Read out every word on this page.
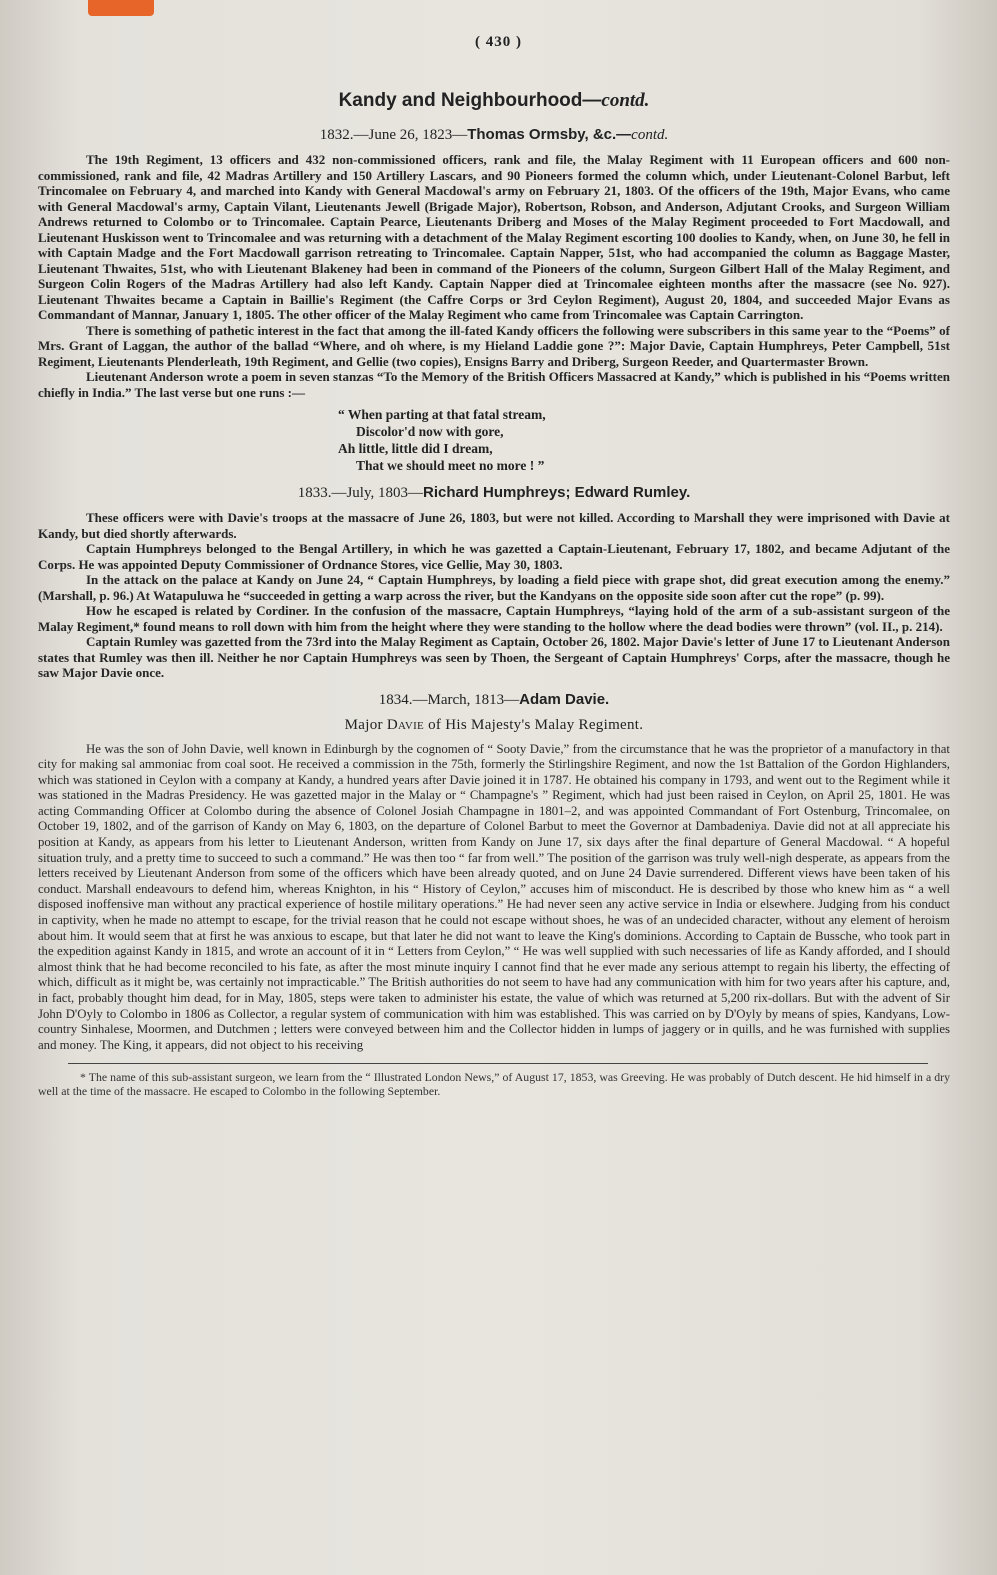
( 430 )
Kandy and Neighbourhood—contd.
1832.—June 26, 1823—Thomas Ormsby, &c.—contd.

The 19th Regiment, 13 officers and 432 non-commissioned officers, rank and file, the Malay Regiment with 11 European officers and 600 non-commissioned, rank and file, 42 Madras Artillery and 150 Artillery Lascars, and 90 Pioneers formed the column which, under Lieutenant-Colonel Barbut, left Trincomalee on February 4, and marched into Kandy with General Macdowal's army on February 21, 1803. Of the officers of the 19th, Major Evans, who came with General Macdowal's army, Captain Vilant, Lieutenants Jewell (Brigade Major), Robertson, Robson, and Anderson, Adjutant Crooks, and Surgeon William Andrews returned to Colombo or to Trincomalee. Captain Pearce, Lieutenants Driberg and Moses of the Malay Regiment proceeded to Fort Macdowall, and Lieutenant Huskisson went to Trincomalee and was returning with a detachment of the Malay Regiment escorting 100 doolies to Kandy, when, on June 30, he fell in with Captain Madge and the Fort Macdowall garrison retreating to Trincomalee. Captain Napper, 51st, who had accompanied the column as Baggage Master, Lieutenant Thwaites, 51st, who with Lieutenant Blakeney had been in command of the Pioneers of the column, Surgeon Gilbert Hall of the Malay Regiment, and Surgeon Colin Rogers of the Madras Artillery had also left Kandy. Captain Napper died at Trincomalee eighteen months after the massacre (see No. 927). Lieutenant Thwaites became a Captain in Baillie's Regiment (the Caffre Corps or 3rd Ceylon Regiment), August 20, 1804, and succeeded Major Evans as Commandant of Mannar, January 1, 1805. The other officer of the Malay Regiment who came from Trincomalee was Captain Carrington.

There is something of pathetic interest in the fact that among the ill-fated Kandy officers the following were subscribers in this same year to the “Poems” of Mrs. Grant of Laggan, the author of the ballad “Where, and oh where, is my Hieland Laddie gone ?”: Major Davie, Captain Humphreys, Peter Campbell, 51st Regiment, Lieutenants Plenderleath, 19th Regiment, and Gellie (two copies), Ensigns Barry and Driberg, Surgeon Reeder, and Quartermaster Brown.

Lieutenant Anderson wrote a poem in seven stanzas “To the Memory of the British Officers Massacred at Kandy,” which is published in his “Poems written chiefly in India.” The last verse but one runs :—

“ When parting at that fatal stream,
Discolor'd now with gore,
Ah little, little did I dream,
That we should meet no more ! ”
1833.—July, 1803—Richard Humphreys; Edward Rumley.

These officers were with Davie's troops at the massacre of June 26, 1803, but were not killed. According to Marshall they were imprisoned with Davie at Kandy, but died shortly afterwards.

Captain Humphreys belonged to the Bengal Artillery, in which he was gazetted a Captain-Lieutenant, February 17, 1802, and became Adjutant of the Corps. He was appointed Deputy Commissioner of Ordnance Stores, vice Gellie, May 30, 1803.

In the attack on the palace at Kandy on June 24, “ Captain Humphreys, by loading a field piece with grape shot, did great execution among the enemy.” (Marshall, p. 96.) At Watapuluwa he “succeeded in getting a warp across the river, but the Kandyans on the opposite side soon after cut the rope” (p. 99).

How he escaped is related by Cordiner. In the confusion of the massacre, Captain Humphreys, “laying hold of the arm of a sub-assistant surgeon of the Malay Regiment,* found means to roll down with him from the height where they were standing to the hollow where the dead bodies were thrown” (vol. II., p. 214).

Captain Rumley was gazetted from the 73rd into the Malay Regiment as Captain, October 26, 1802. Major Davie's letter of June 17 to Lieutenant Anderson states that Rumley was then ill. Neither he nor Captain Humphreys was seen by Thoen, the Sergeant of Captain Humphreys' Corps, after the massacre, though he saw Major Davie once.

1834.—March, 1813—Adam Davie.
Major Davie of His Majesty's Malay Regiment.

He was the son of John Davie, well known in Edinburgh by the cognomen of “ Sooty Davie,” from the circumstance that he was the proprietor of a manufactory in that city for making sal ammoniac from coal soot. He received a commission in the 75th, formerly the Stirlingshire Regiment, and now the 1st Battalion of the Gordon Highlanders, which was stationed in Ceylon with a company at Kandy, a hundred years after Davie joined it in 1787. He obtained his company in 1793, and went out to the Regiment while it was stationed in the Madras Presidency. He was gazetted major in the Malay or “ Champagne's ” Regiment, which had just been raised in Ceylon, on April 25, 1801. He was acting Commanding Officer at Colombo during the absence of Colonel Josiah Champagne in 1801–2, and was appointed Commandant of Fort Ostenburg, Trincomalee, on October 19, 1802, and of the garrison of Kandy on May 6, 1803, on the departure of Colonel Barbut to meet the Governor at Dambadeniya. Davie did not at all appreciate his position at Kandy, as appears from his letter to Lieutenant Anderson, written from Kandy on June 17, six days after the final departure of General Macdowal. “ A hopeful situation truly, and a pretty time to succeed to such a command.” He was then too “ far from well.” The position of the garrison was truly well-nigh desperate, as appears from the letters received by Lieutenant Anderson from some of the officers which have been already quoted, and on June 24 Davie surrendered. Different views have been taken of his conduct. Marshall endeavours to defend him, whereas Knighton, in his “ History of Ceylon,” accuses him of misconduct. He is described by those who knew him as “ a well disposed inoffensive man without any practical experience of hostile military operations.” He had never seen any active service in India or elsewhere. Judging from his conduct in captivity, when he made no attempt to escape, for the trivial reason that he could not escape without shoes, he was of an undecided character, without any element of heroism about him. It would seem that at first he was anxious to escape, but that later he did not want to leave the King's dominions. According to Captain de Bussche, who took part in the expedition against Kandy in 1815, and wrote an account of it in “ Letters from Ceylon,” “ He was well supplied with such necessaries of life as Kandy afforded, and I should almost think that he had become reconciled to his fate, as after the most minute inquiry I cannot find that he ever made any serious attempt to regain his liberty, the effecting of which, difficult as it might be, was certainly not impracticable.” The British authorities do not seem to have had any communication with him for two years after his capture, and, in fact, probably thought him dead, for in May, 1805, steps were taken to administer his estate, the value of which was returned at 5,200 rix-dollars. But with the advent of Sir John D'Oyly to Colombo in 1806 as Collector, a regular system of communication with him was established. This was carried on by D'Oyly by means of spies, Kandyans, Low-country Sinhalese, Moormen, and Dutchmen ; letters were conveyed between him and the Collector hidden in lumps of jaggery or in quills, and he was furnished with supplies and money. The King, it appears, did not object to his receiving

* The name of this sub-assistant surgeon, we learn from the “ Illustrated London News,” of August 17, 1853, was Greeving. He was probably of Dutch descent. He hid himself in a dry well at the time of the massacre. He escaped to Colombo in the following September.
